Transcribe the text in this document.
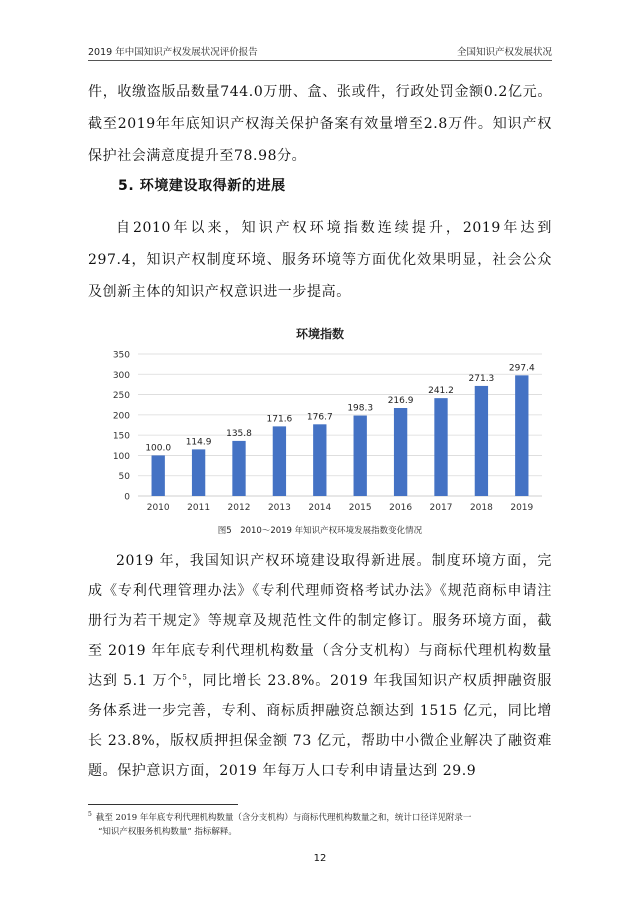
2019 年中国知识产权发展状况评价报告	全国知识产权发展状况
件，收缴盗版品数量744.0万册、盒、张或件，行政处罚金额0.2亿元。截至2019年年底知识产权海关保护备案有效量增至2.8万件。知识产权保护社会满意度提升至78.98分。
5. 环境建设取得新的进展
自2010年以来，知识产权环境指数连续提升，2019年达到297.4，知识产权制度环境、服务环境等方面优化效果明显，社会公众及创新主体的知识产权意识进一步提高。
环境指数
0
50
100
150
200
250
300
350
100.0
114.9
135.8
171.6 176.7
198.3
216.9
241.2
271.3
297.4
2010 2011 2012 2013 2014 2015 2016 2017 2018 2019
图5　2010～2019 年知识产权环境发展指数变化情况
2019 年，我国知识产权环境建设取得新进展。制度环境方面，完成《专利代理管理办法》《专利代理师资格考试办法》《规范商标申请注册行为若干规定》等规章及规范性文件的制定修订。服务环境方面，截至 2019 年年底专利代理机构数量（含分支机构）与商标代理机构数量达到 5.1 万个$^5$，同比增长 23.8%。2019 年我国知识产权质押融资服务体系进一步完善，专利、商标质押融资总额达到 1515 亿元，同比增长 23.8%，版权质押担保金额 73 亿元，帮助中小微企业解决了融资难题。保护意识方面，2019 年每万人口专利申请量达到 29.9
$^5$ 截至 2019 年年底专利代理机构数量（含分支机构）与商标代理机构数量之和，统计口径详见附录一
“知识产权服务机构数量” 指标解释。
12
